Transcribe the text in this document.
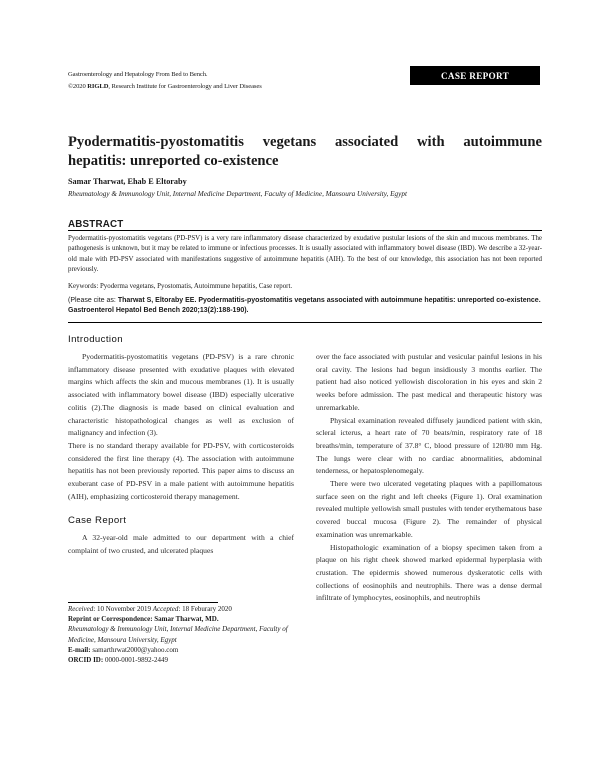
Gastroenterology and Hepatology From Bed to Bench.
©2020 RIGLD, Research Institute for Gastroenterology and Liver Diseases
CASE REPORT
Pyodermatitis-pyostomatitis vegetans associated with autoimmune hepatitis: unreported co-existence
Samar Tharwat, Ehab E Eltoraby
Rheumatology & Immunology Unit, Internal Medicine Department, Faculty of Medicine, Mansoura University, Egypt
ABSTRACT

Pyodermatitis-pyostomatitis vegetans (PD-PSV) is a very rare inflammatory disease characterized by exudative pustular lesions of the skin and mucous membranes. The pathogenesis is unknown, but it may be related to immune or infectious processes. It is usually associated with inflammatory bowel disease (IBD). We describe a 32-year-old male with PD-PSV associated with manifestations suggestive of autoimmune hepatitis (AIH). To the best of our knowledge, this association has not been reported previously.

Keywords: Pyoderma vegetans, Pyostomatis, Autoimmune hepatitis, Case report.

(Please cite as: Tharwat S, Eltoraby EE. Pyodermatitis-pyostomatitis vegetans associated with autoimmune hepatitis: unreported co-existence. Gastroenterol Hepatol Bed Bench 2020;13(2):188-190).

Introduction

Pyodermatitis-pyostomatitis vegetans (PD-PSV) is a rare chronic inflammatory disease presented with exudative plaques with elevated margins which affects the skin and mucous membranes (1). It is usually associated with inflammatory bowel disease (IBD) especially ulcerative colitis (2).The diagnosis is made based on clinical evaluation and characteristic histopathological changes as well as exclusion of malignancy and infection (3).

There is no standard therapy available for PD-PSV, with corticosteroids considered the first line therapy (4). The association with autoimmune hepatitis has not been previously reported. This paper aims to discuss an exuberant case of PD-PSV in a male patient with autoimmune hepatitis (AIH), emphasizing corticosteroid therapy management.

Case Report

A 32-year-old male admitted to our department with a chief complaint of two crusted, and ulcerated plaques

over the face associated with pustular and vesicular painful lesions in his oral cavity. The lesions had begun insidiously 3 months earlier. The patient had also noticed yellowish discoloration in his eyes and skin 2 weeks before admission. The past medical and therapeutic history was unremarkable.

Physical examination revealed diffusely jaundiced patient with skin, scleral icterus, a heart rate of 70 beats/min, respiratory rate of 18 breaths/min, temperature of 37.8° C, blood pressure of 120/80 mm Hg. The lungs were clear with no cardiac abnormalities, abdominal tenderness, or hepatosplenomegaly.

There were two ulcerated vegetating plaques with a papillomatous surface seen on the right and left cheeks (Figure 1). Oral examination revealed multiple yellowish small pustules with tender erythematous base covered buccal mucosa (Figure 2). The remainder of physical examination was unremarkable.

Histopathologic examination of a biopsy specimen taken from a plaque on his right cheek showed marked epidermal hyperplasia with crustation. The epidermis showed numerous dyskeratotic cells with collections of eosinophils and neutrophils. There was a dense dermal infiltrate of lymphocytes, eosinophils, and neutrophils

Received: 10 November 2019 Accepted: 18 Feburary 2020

Reprint or Correspondence: Samar Tharwat, MD.

Rheumatology & Immunology Unit, Internal Medicine Department, Faculty of Medicine, Mansoura University, Egypt

E-mail: samarthrwat2000@yahoo.com

ORCID ID: 0000-0001-9892-2449
